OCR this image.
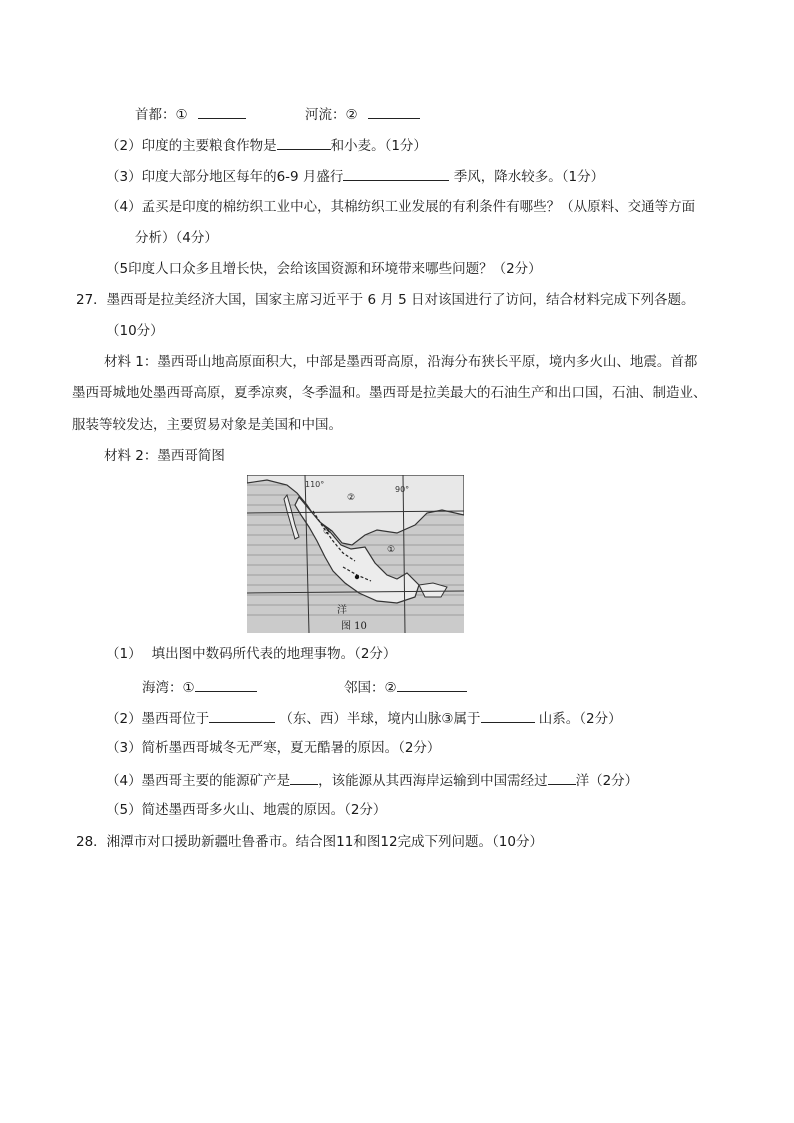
首都：①	河流：②
（2）印度的主要粮食作物是	和小麦。（1分）
（3）印度大部分地区每年的6-9 月盛行	季风，降水较多。（1分）
（4）孟买是印度的棉纺织工业中心，其棉纺织工业发展的有利条件有哪些？（从原料、交通等方面
分析）（4分）
（5印度人口众多且增长快，会给该国资源和环境带来哪些问题？（2分）
27．墨西哥是拉美经济大国，国家主席习近平于 6 月 5 日对该国进行了访问，结合材料完成下列各题。
（10分）
材料 1：墨西哥山地高原面积大，中部是墨西哥高原，沿海分布狭长平原，境内多火山、地震。首都
墨西哥城地处墨西哥高原，夏季凉爽，冬季温和。墨西哥是拉美最大的石油生产和出口国，石油、制造业、
服装等较发达，主要贸易对象是美国和中国。
材料 2：墨西哥简图
110°
90°
②
③
①
洋
图 10
（1） 填出图中数码所代表的地理事物。（2分）
海湾：①	邻国：②
（2）墨西哥位于	（东、西）半球，境内山脉③属于	山系。（2分）
（3）简析墨西哥城冬无严寒，夏无酷暑的原因。（2分）
（4）墨西哥主要的能源矿产是 ，该能源从其西海岸运输到中国需经过 洋（2分）
（5）简述墨西哥多火山、地震的原因。（2分）
28．湘潭市对口援助新疆吐鲁番市。结合图11和图12完成下列问题。（10分）
